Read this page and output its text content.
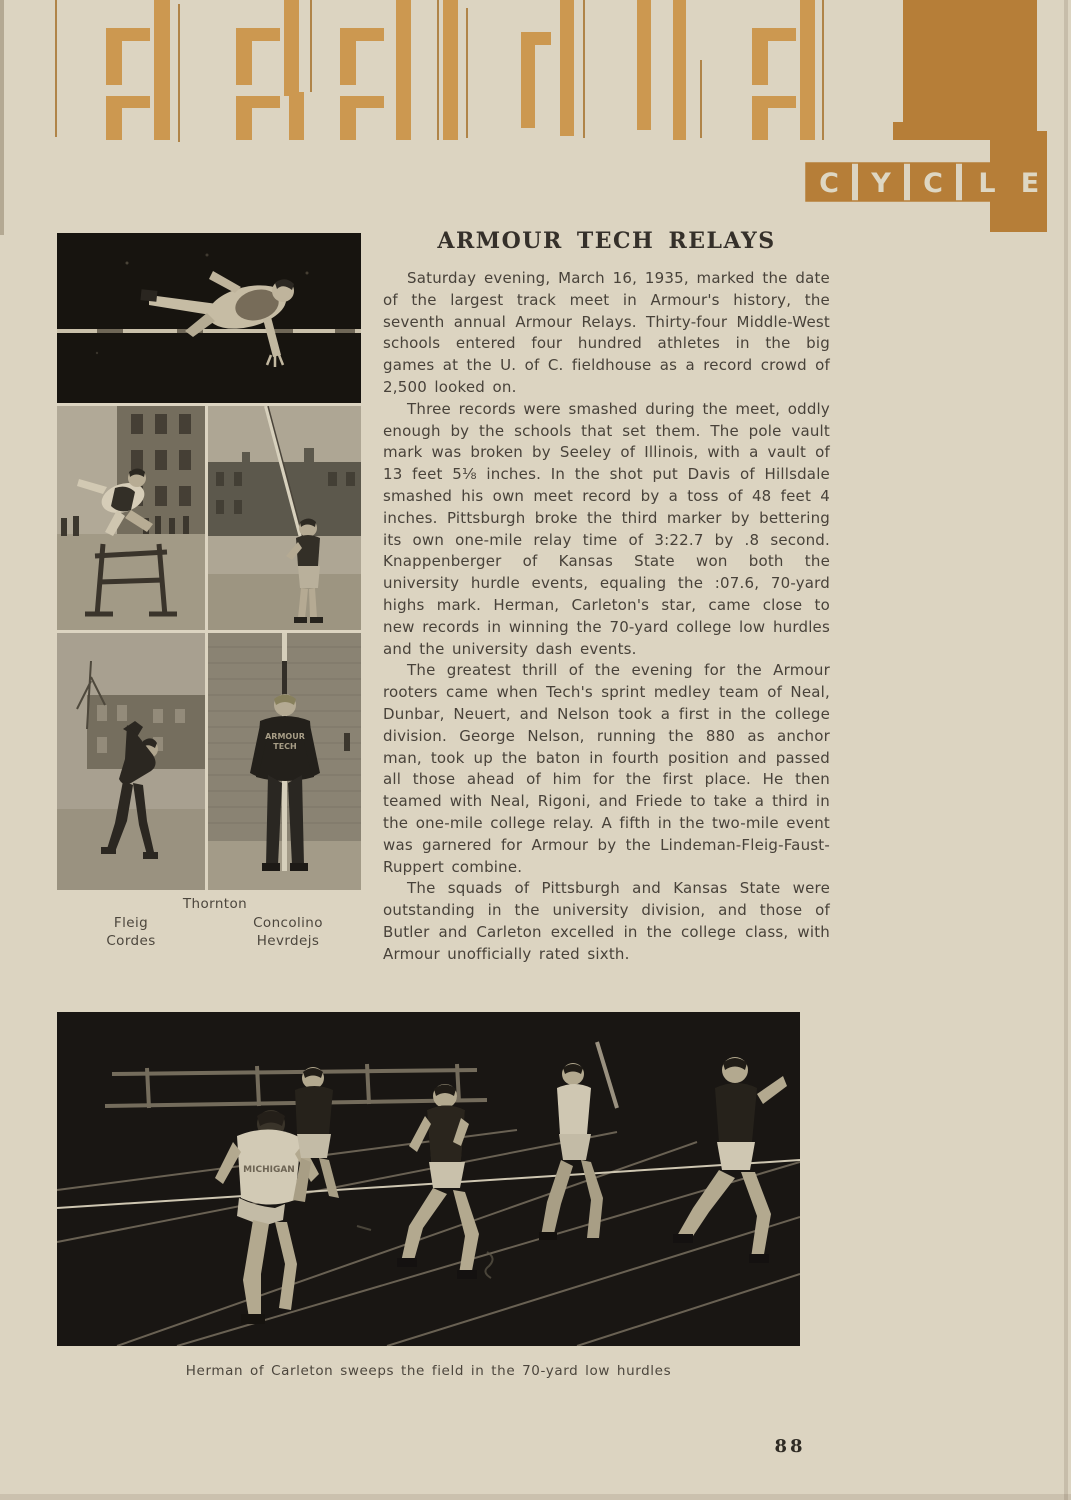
C Y C L E
ARMOUR
TECH
Thornton
Fleig	Concolino
Cordes	Hevrdejs
ARMOUR TECH RELAYS

Saturday evening, March 16, 1935, marked the date of the largest track meet in Armour's history, the seventh annual Armour Relays. Thirty-four Middle-West schools entered four hundred athletes in the big games at the U. of C. fieldhouse as a record crowd of 2,500 looked on.

Three records were smashed during the meet, oddly enough by the schools that set them. The pole vault mark was broken by Seeley of Illinois, with a vault of 13 feet 5⅛ inches. In the shot put Davis of Hillsdale smashed his own meet record by a toss of 48 feet 4 inches. Pittsburgh broke the third marker by bettering its own one-mile relay time of 3:22.7 by .8 second. Knappenberger of Kansas State won both the university hurdle events, equaling the :07.6, 70-yard highs mark. Herman, Carleton's star, came close to new records in winning the 70-yard college low hurdles and the university dash events.

The greatest thrill of the evening for the Armour rooters came when Tech's sprint medley team of Neal, Dunbar, Neuert, and Nelson took a first in the college division. George Nelson, running the 880 as anchor man, took up the baton in fourth position and passed all those ahead of him for the first place. He then teamed with Neal, Rigoni, and Friede to take a third in the one-mile college relay. A fifth in the two-mile event was garnered for Armour by the Lindeman-Fleig-Faust-Ruppert combine.

The squads of Pittsburgh and Kansas State were outstanding in the university division, and those of Butler and Carleton excelled in the college class, with Armour unofficially rated sixth.

MICHIGAN
Herman of Carleton sweeps the field in the 70-yard low hurdles
88
